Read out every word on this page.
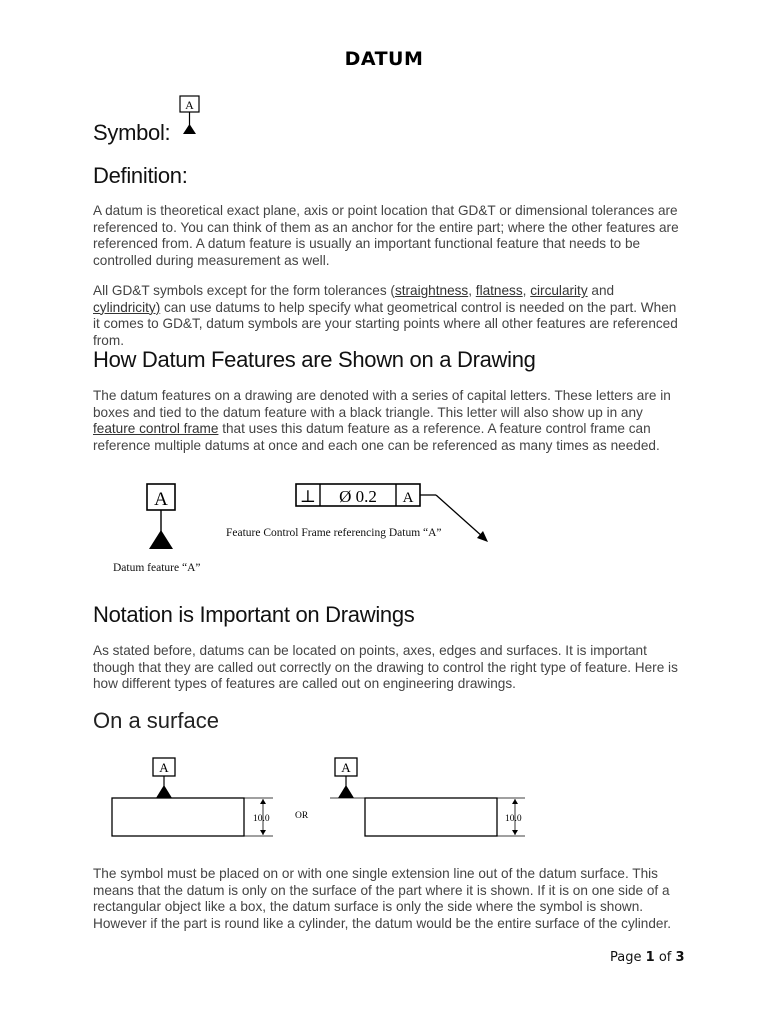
DATUM
Symbol:
A
Definition:

A datum is theoretical exact plane, axis or point location that GD&T or dimensional tolerances are referenced to. You can think of them as an anchor for the entire part; where the other features are referenced from. A datum feature is usually an important functional feature that needs to be controlled during measurement as well.

All GD&T symbols except for the form tolerances (straightness, flatness, circularity and cylindricity) can use datums to help specify what geometrical control is needed on the part. When it comes to GD&T, datum symbols are your starting points where all other features are referenced from.

How Datum Features are Shown on a Drawing

The datum features on a drawing are denoted with a series of capital letters. These letters are in boxes and tied to the datum feature with a black triangle. This letter will also show up in any feature control frame that uses this datum feature as a reference. A feature control frame can reference multiple datums at once and each one can be referenced as many times as needed.

A
Datum feature “A”
⊥ Ø 0.2 A
Feature Control Frame referencing Datum “A”
Notation is Important on Drawings

As stated before, datums can be located on points, axes, edges and surfaces. It is important though that they are called out correctly on the drawing to control the right type of feature. Here is how different types of features are called out on engineering drawings.

On a surface
A
10.0	OR
A
10.0

The symbol must be placed on or with one single extension line out of the datum surface. This means that the datum is only on the surface of the part where it is shown. If it is on one side of a rectangular object like a box, the datum surface is only the side where the symbol is shown. However if the part is round like a cylinder, the datum would be the entire surface of the cylinder.

Page 1 of 3
